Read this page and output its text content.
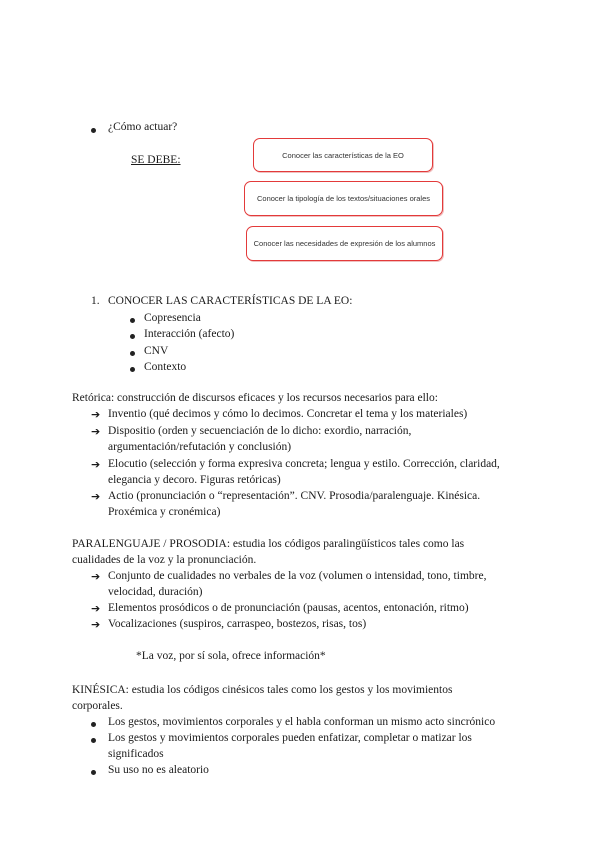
¿Cómo actuar?
SE DEBE:	Conocer las características de la EO
Conocer la tipología de los textos/situaciones orales
Conocer las necesidades de expresión de los alumnos
1. CONOCER LAS CARACTERÍSTICAS DE LA EO:
Copresencia
Interacción (afecto)
CNV
Contexto
Retórica: construcción de discursos eficaces y los recursos necesarios para ello:
➔ Inventio (qué decimos y cómo lo decimos. Concretar el tema y los materiales)
➔ Dispositio (orden y secuenciación de lo dicho: exordio, narración,
argumentación/refutación y conclusión)
➔ Elocutio (selección y forma expresiva concreta; lengua y estilo. Corrección, claridad,
elegancia y decoro. Figuras retóricas)
➔ Actio (pronunciación o “representación”. CNV. Prosodia/paralenguaje. Kinésica.
Proxémica y cronémica)
PARALENGUAJE / PROSODIA: estudia los códigos paralingüísticos tales como las
cualidades de la voz y la pronunciación.
➔ Conjunto de cualidades no verbales de la voz (volumen o intensidad, tono, timbre,
velocidad, duración)
➔ Elementos prosódicos o de pronunciación (pausas, acentos, entonación, ritmo)
➔ Vocalizaciones (suspiros, carraspeo, bostezos, risas, tos)
*La voz, por sí sola, ofrece información*
KINÉSICA: estudia los códigos cinésicos tales como los gestos y los movimientos
corporales.
Los gestos, movimientos corporales y el habla conforman un mismo acto sincrónico
Los gestos y movimientos corporales pueden enfatizar, completar o matizar los
significados
Su uso no es aleatorio
